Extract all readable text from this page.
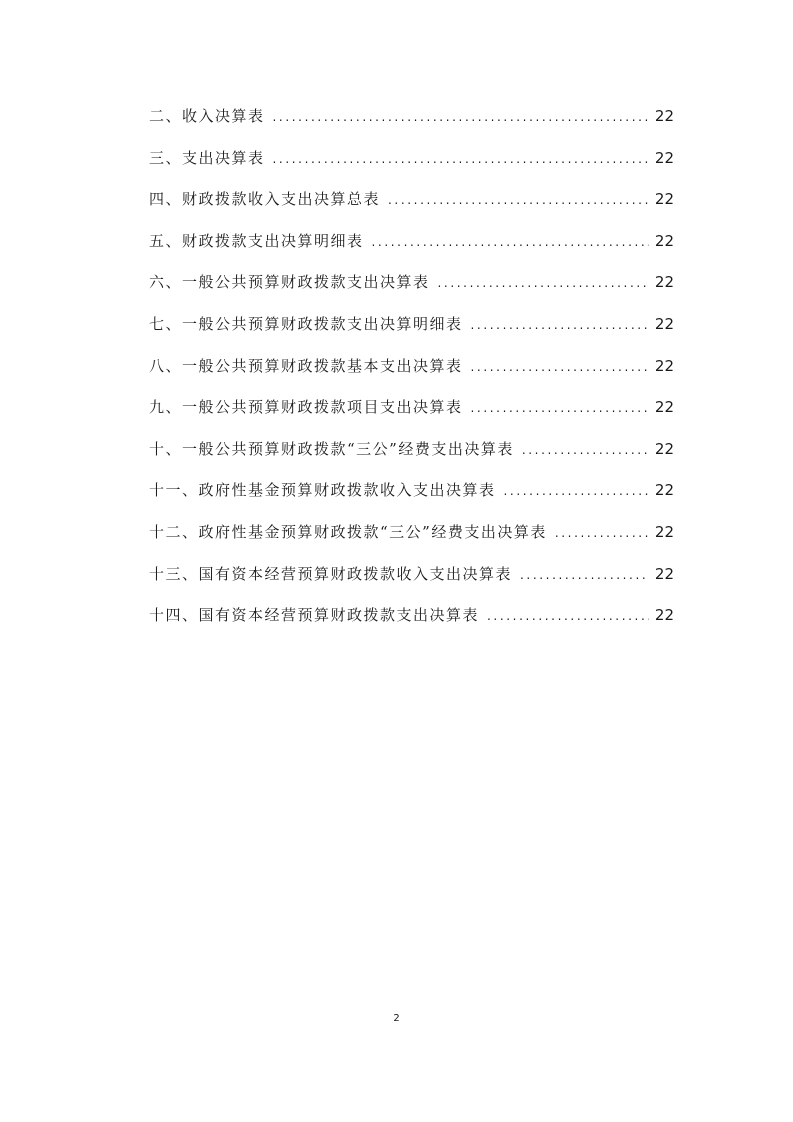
二、收入决算表 .....	22
三、支出决算表 .....	22
四、财政拨款收入支出决算总表 .....	22
五、财政拨款支出决算明细表 .....	22
六、一般公共预算财政拨款支出决算表 .....	22
七、一般公共预算财政拨款支出决算明细表 .....	22
八、一般公共预算财政拨款基本支出决算表 .....	22
九、一般公共预算财政拨款项目支出决算表 .....	22
十、一般公共预算财政拨款“三公”经费支出决算表 .....	22
十一、政府性基金预算财政拨款收入支出决算表 .....	22
十二、政府性基金预算财政拨款“三公”经费支出决算表 .....	22
十三、国有资本经营预算财政拨款收入支出决算表 .....	22
十四、国有资本经营预算财政拨款支出决算表 .....	22
2
